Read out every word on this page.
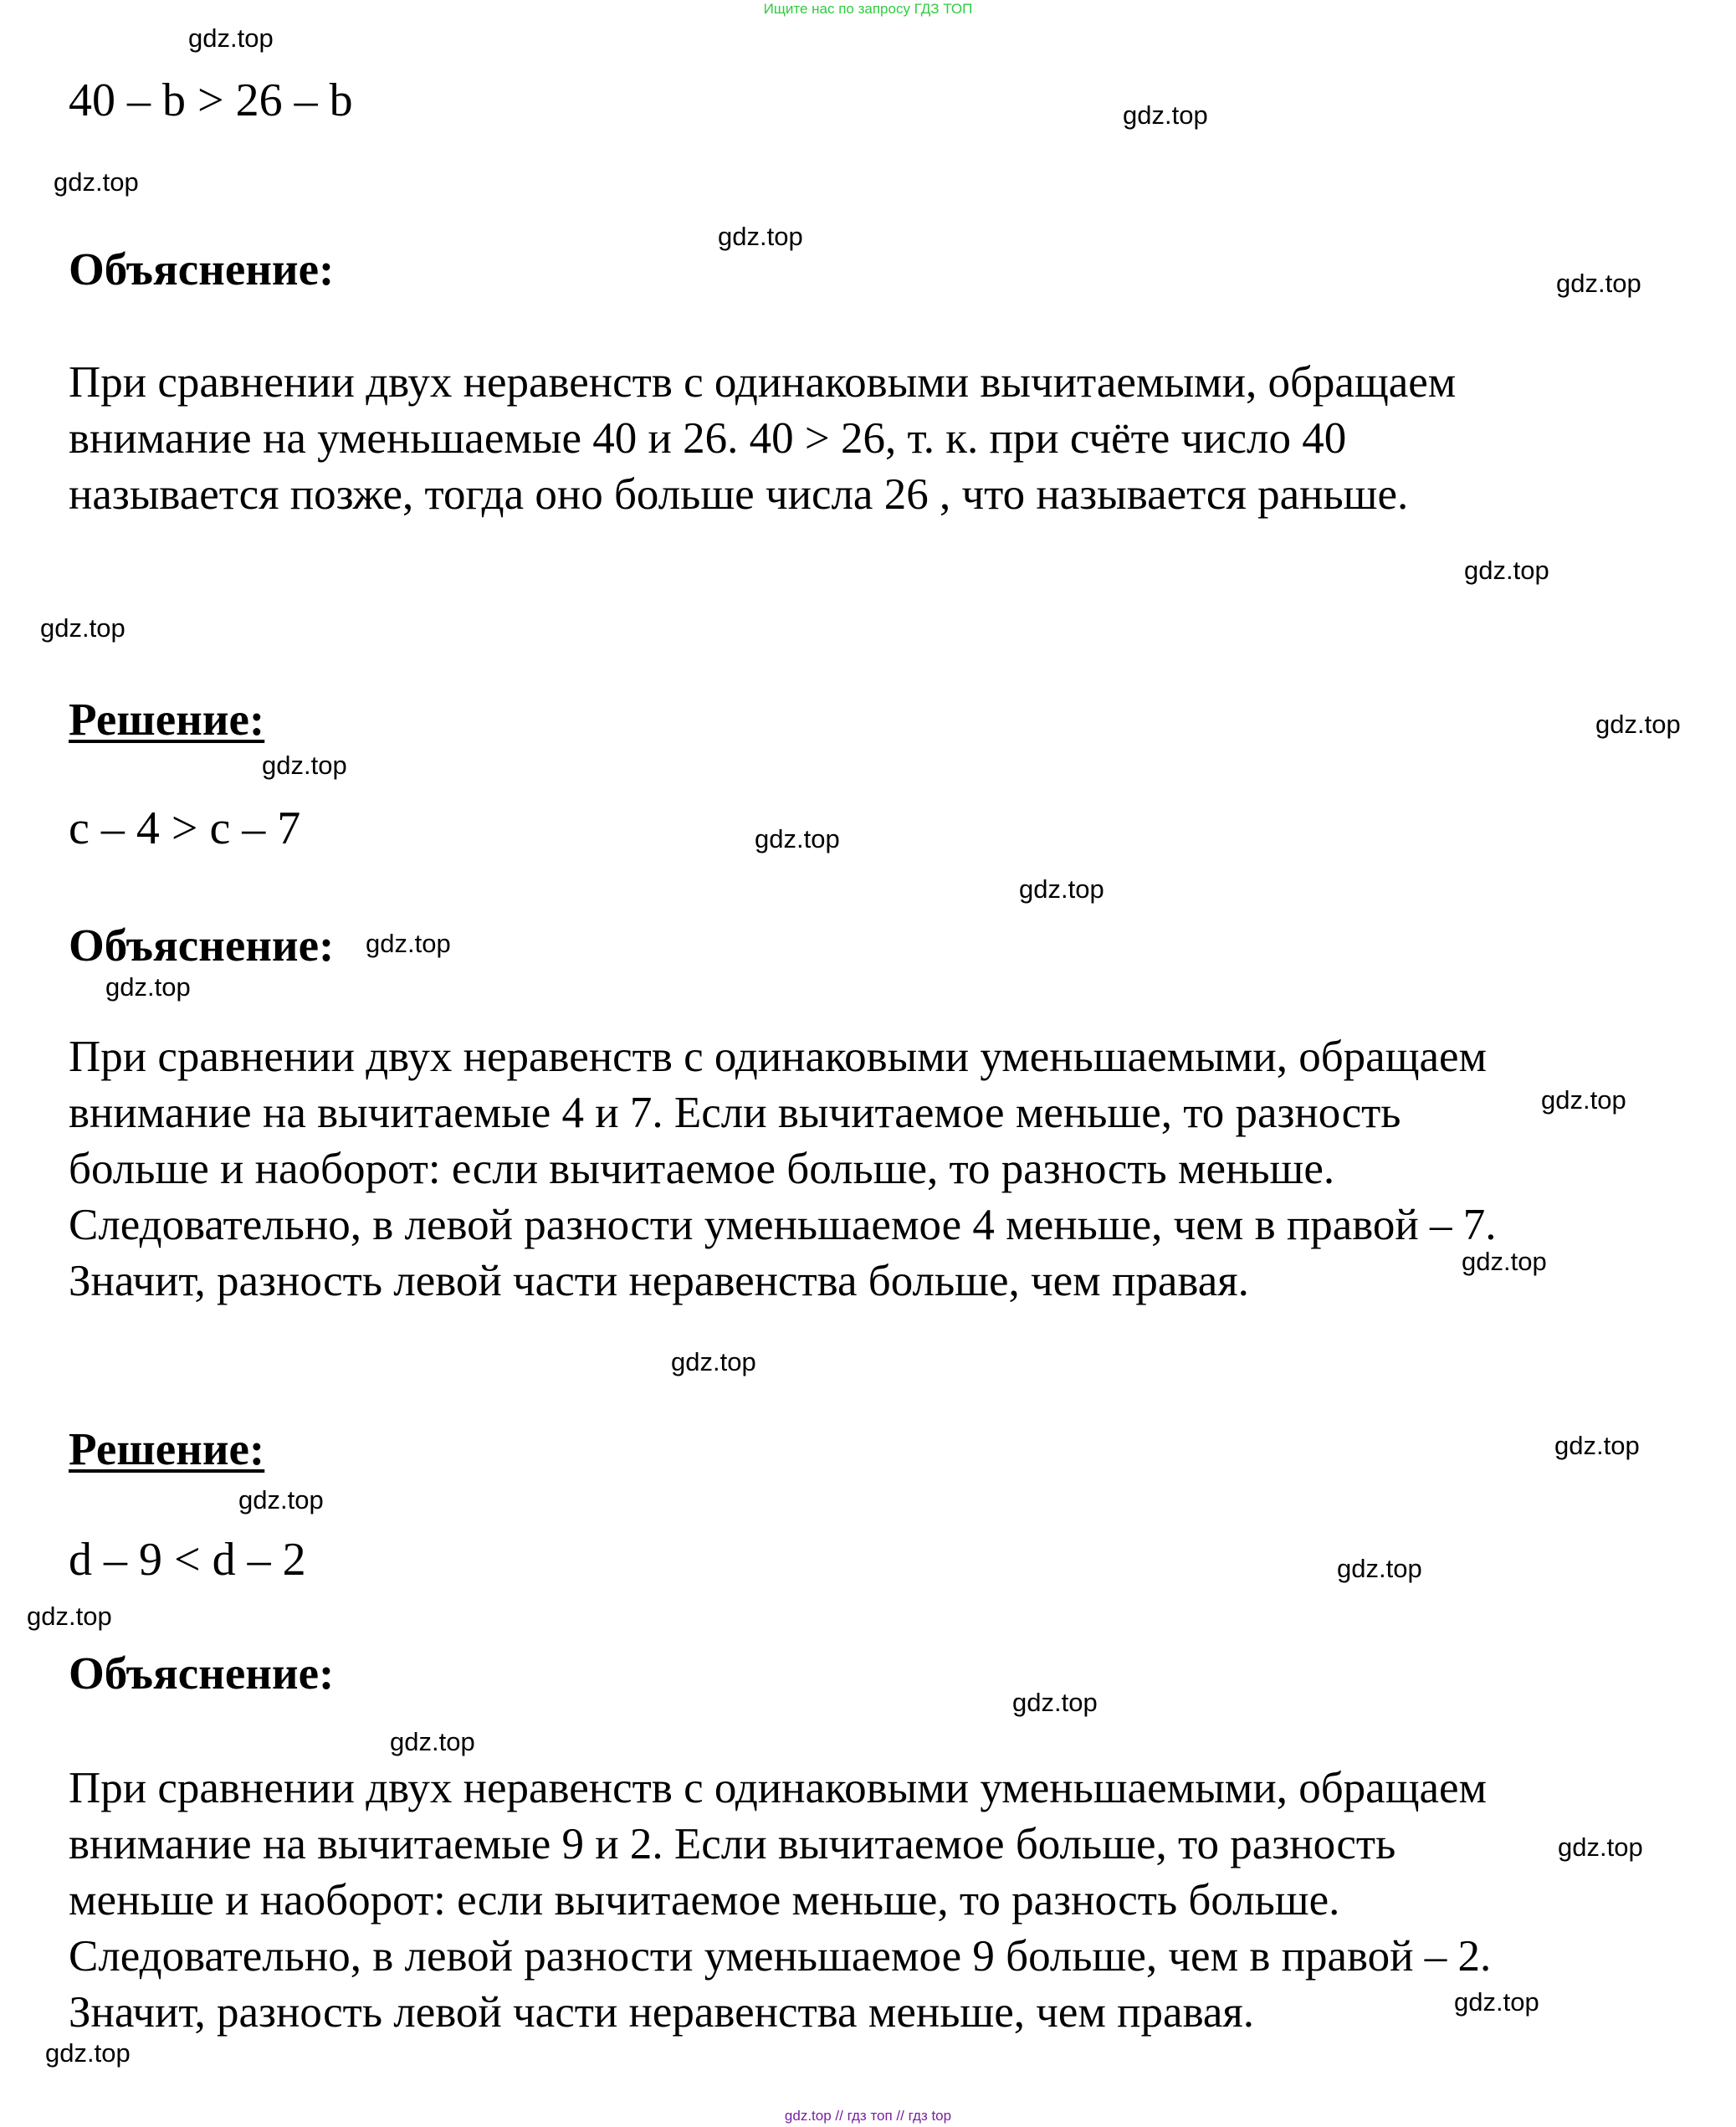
Ищите нас по запросу ГДЗ ТОП
40 – b > 26 – b
Объяснение:
При сравнении двух неравенств с одинаковыми вычитаемыми, обращаем
внимание на уменьшаемые 40 и 26. 40 > 26, т. к. при счёте число 40
называется позже, тогда оно больше числа 26 , что называется раньше.
Решение:
c – 4 > c – 7
Объяснение:
При сравнении двух неравенств с одинаковыми уменьшаемыми, обращаем
внимание на вычитаемые 4 и 7. Если вычитаемое меньше, то разность
больше и наоборот: если вычитаемое больше, то разность меньше.
Следовательно, в левой разности уменьшаемое 4 меньше, чем в правой – 7.
Значит, разность левой части неравенства больше, чем правая.
Решение:
d – 9 < d – 2
Объяснение:
При сравнении двух неравенств с одинаковыми уменьшаемыми, обращаем
внимание на вычитаемые 9 и 2. Если вычитаемое больше, то разность
меньше и наоборот: если вычитаемое меньше, то разность больше.
Следовательно, в левой разности уменьшаемое 9 больше, чем в правой – 2.
Значит, разность левой части неравенства меньше, чем правая.
gdz.top
gdz.top
gdz.top
gdz.top
gdz.top
gdz.top
gdz.top
gdz.top
gdz.top
gdz.top
gdz.top
gdz.top
gdz.top
gdz.top
gdz.top
gdz.top
gdz.top
gdz.top
gdz.top
gdz.top
gdz.top
gdz.top
gdz.top
gdz.top
gdz.top
gdz.top // гдз топ // гдз top
